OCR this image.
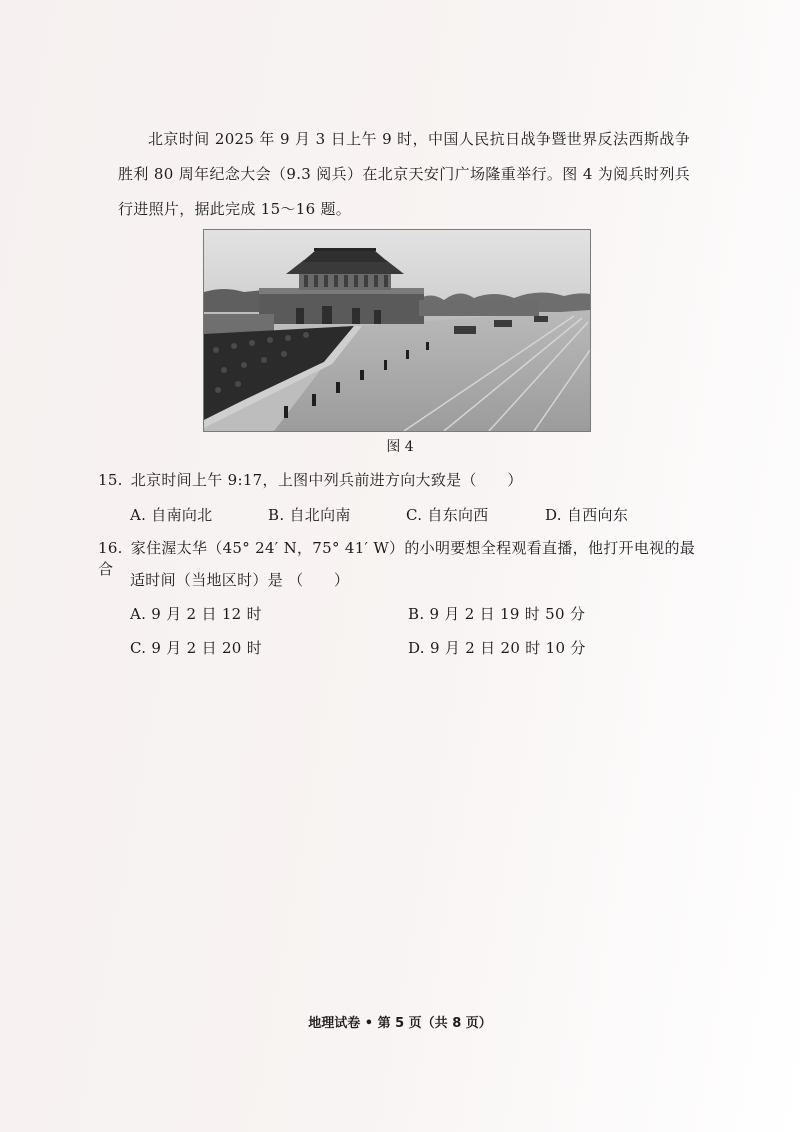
北京时间 2025 年 9 月 3 日上午 9 时，中国人民抗日战争暨世界反法西斯战争胜利 80 周年纪念大会（9.3 阅兵）在北京天安门广场隆重举行。图 4 为阅兵时列兵行进照片，据此完成 15～16 题。

图 4
15. 北京时间上午 9:17，上图中列兵前进方向大致是（　　）
A. 自南向北	B. 自北向南	C. 自东向西	D. 自西向东
16. 家住渥太华（45° 24′ N，75° 41′ W）的小明要想全程观看直播，他打开电视的最合
适时间（当地区时）是 （　　）
A. 9 月 2 日 12 时	B. 9 月 2 日 19 时 50 分
C. 9 月 2 日 20 时	D. 9 月 2 日 20 时 10 分
地理试卷 • 第 5 页（共 8 页）
